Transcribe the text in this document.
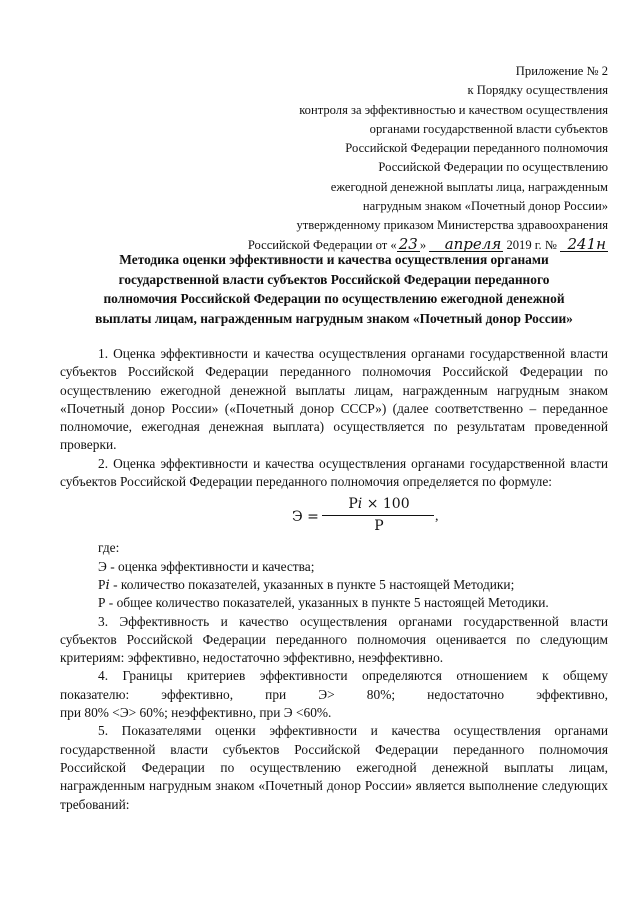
Приложение № 2
к Порядку осуществления
контроля за эффективностью и качеством осуществления
органами государственной власти субъектов
Российской Федерации переданного полномочия
Российской Федерации по осуществлению
ежегодной денежной выплаты лица, награжденным
нагрудным знаком «Почетный донор России»
утвержденному приказом Министерства здравоохранения
Российской Федерации от « 23 » апреля 2019 г. № 241н
Методика оценки эффективности и качества осуществления органами
государственной власти субъектов Российской Федерации переданного
полномочия Российской Федерации по осуществлению ежегодной денежной
выплаты лицам, награжденным нагрудным знаком «Почетный донор России»

1. Оценка эффективности и качества осуществления органами государственной власти субъектов Российской Федерации переданного полномочия Российской Федерации по осуществлению ежегодной денежной выплаты лицам, награжденным нагрудным знаком «Почетный донор России» («Почетный донор СССР») (далее соответственно – переданное полномочие, ежегодная денежная выплата) осуществляется по результатам проведенной проверки.

2. Оценка эффективности и качества осуществления органами государственной власти субъектов Российской Федерации переданного полномочия определяется по формуле:

Э =
P𝑖 × 100
P
,

где:

Э - оценка эффективности и качества;

P𝑖 - количество показателей, указанных в пункте 5 настоящей Методики;

Р - общее количество показателей, указанных в пункте 5 настоящей Методики.

3. Эффективность и качество осуществления органами государственной власти субъектов Российской Федерации переданного полномочия оценивается по следующим критериям: эффективно, недостаточно эффективно, неэффективно.

4. Границы критериев эффективности определяются отношением к общему

показателю: эффективно, при Э> 80%; недостаточно эффективно,

при 80% <Э> 60%; неэффективно, при Э <60%.

5. Показателями оценки эффективности и качества осуществления органами государственной власти субъектов Российской Федерации переданного полномочия Российской Федерации по осуществлению ежегодной денежной выплаты лицам, награжденным нагрудным знаком «Почетный донор России» является выполнение следующих требований:
